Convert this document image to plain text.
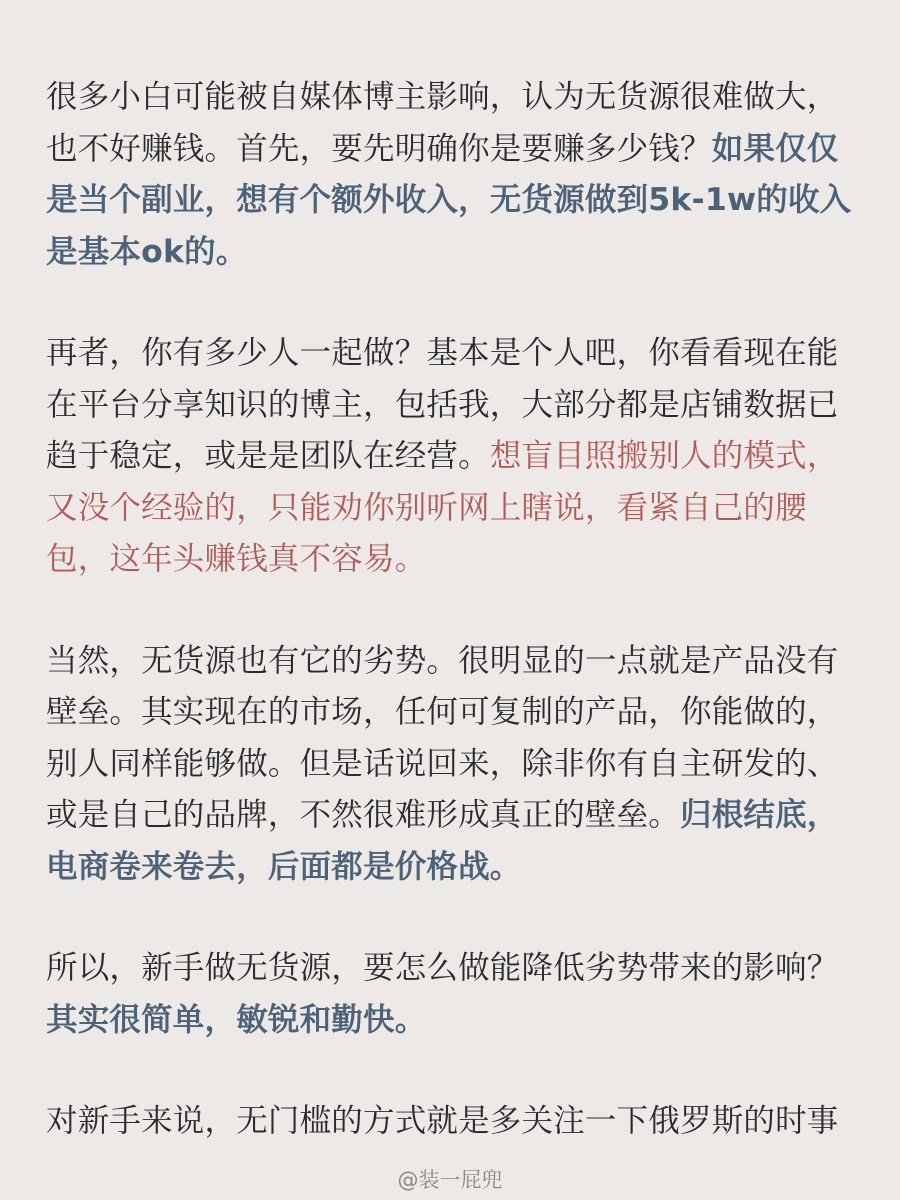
很多小白可能被自媒体博主影响，认为无货源很难做大，也不好赚钱。首先，要先明确你是要赚多少钱？如果仅仅是当个副业，想有个额外收入，无货源做到5k-1w的收入是基本ok的。

再者，你有多少人一起做？基本是个人吧，你看看现在能在平台分享知识的博主，包括我，大部分都是店铺数据已趋于稳定，或是是团队在经营。想盲目照搬别人的模式，又没个经验的，只能劝你别听网上瞎说，看紧自己的腰包，这年头赚钱真不容易。

当然，无货源也有它的劣势。很明显的一点就是产品没有壁垒。其实现在的市场，任何可复制的产品，你能做的，别人同样能够做。但是话说回来，除非你有自主研发的、或是自己的品牌，不然很难形成真正的壁垒。归根结底，电商卷来卷去，后面都是价格战。

所以，新手做无货源，要怎么做能降低劣势带来的影响？其实很简单，敏锐和勤快。

对新手来说，无门槛的方式就是多关注一下俄罗斯的时事

@装一屁兜
